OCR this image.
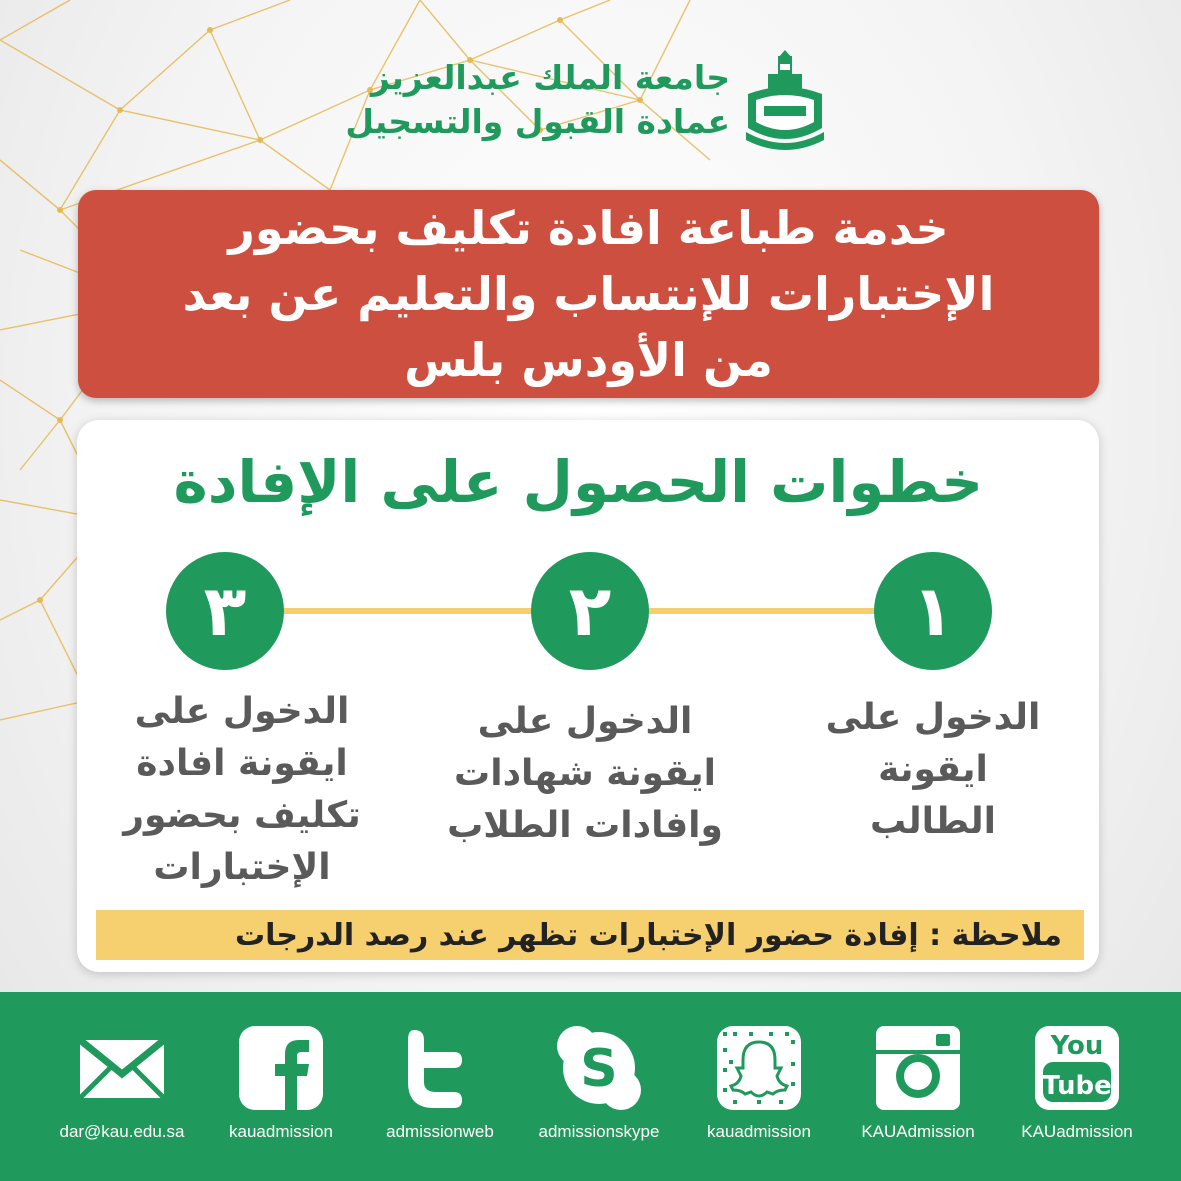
جامعة الملك عبدالعزيز

عمادة القبول والتسجيل

خدمة طباعة افادة تكليف بحضور
الإختبارات للإنتساب والتعليم عن بعد
من الأودس بلس
خطوات الحصول على الإفادة
١
الدخول على
ايقونة
الطالب
٢
الدخول على
ايقونة شهادات
وافادات الطلاب
٣
الدخول على
ايقونة افادة
تكليف بحضور
الإختبارات
ملاحظة : إفادة حضور الإختبارات تظهر عند رصد الدرجات
dar@kau.edu.sa	kauadmission	admissionweb
S
admissionskype	kauadmission	KAUAdmission
You
Tube
KAUadmission
